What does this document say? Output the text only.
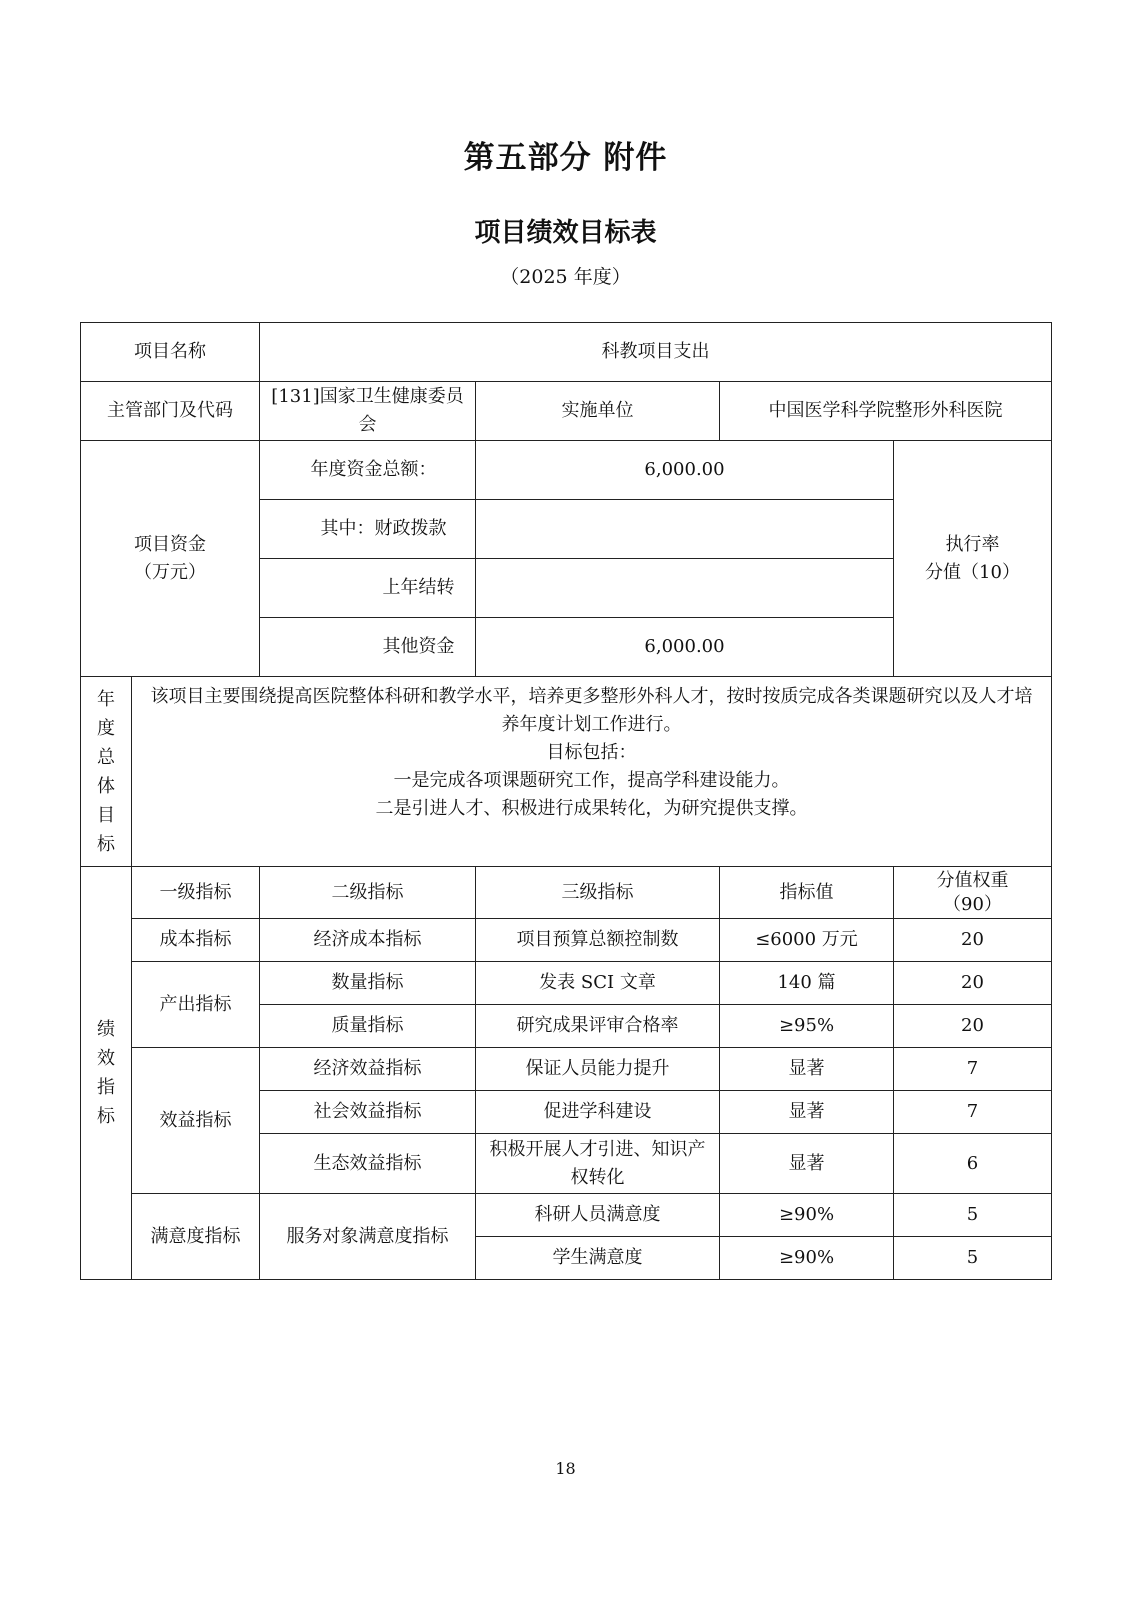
第五部分 附件
项目绩效目标表

（2025 年度）

项目名称		科教项目支出			
主管部门及代码		[131]国家卫生健康委员会	实施单位	中国医学科学院整形外科医院	

项目资金
（万元）		年度资金总额：	6,000.00		执行率
分值（10）

		其中：财政拨款			
		上年结转			
		其他资金	6,000.00		
年度总体目标	该项目主要围绕提高医院整体科研和教学水平，培养更多整形外科人才，按时按质完成各类课题研究以及人才培养年度计划工作进行。
目标包括：
一是完成各项课题研究工作，提高学科建设能力。
二是引进人才、积极进行成果转化，为研究提供支撑。				

绩效指标	一级指标	二级指标	三级指标	指标值	分值权重
（90）

	成本指标	经济成本指标	项目预算总额控制数	≤6000 万元	20
	产出指标	数量指标	发表 SCI 文章	140 篇	20
		质量指标	研究成果评审合格率	≥95%	20
	效益指标	经济效益指标	保证人员能力提升	显著	7
		社会效益指标	促进学科建设	显著	7
		生态效益指标	积极开展人才引进、知识产权转化	显著	6
	满意度指标	服务对象满意度指标	科研人员满意度	≥90%	5
			学生满意度	≥90%	5

18
